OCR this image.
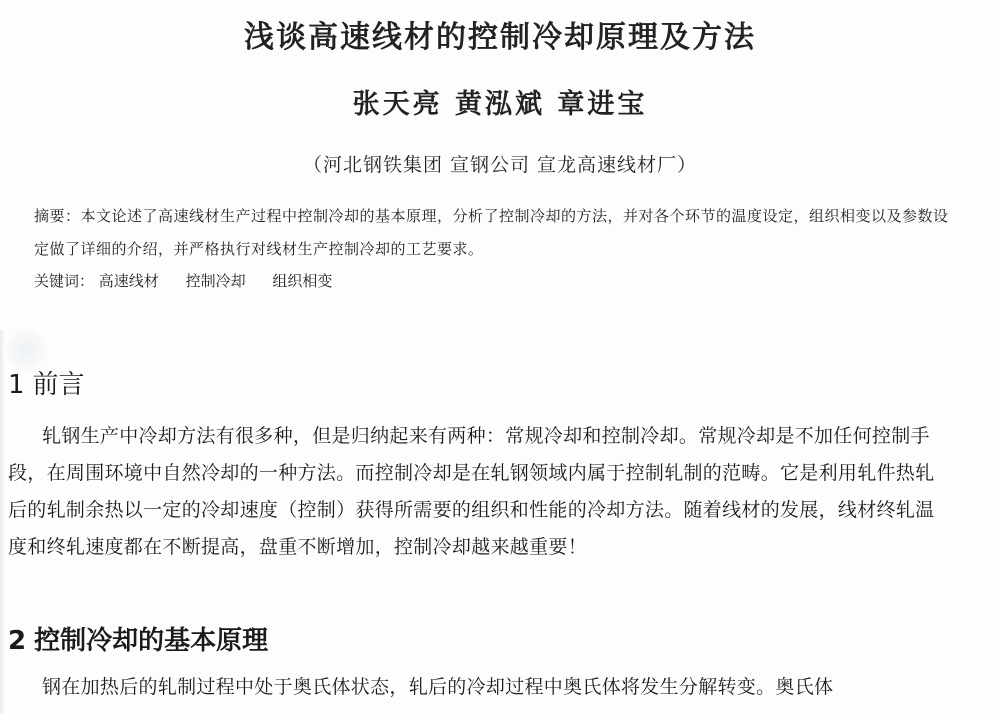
浅谈高速线材的控制冷却原理及方法
张天亮 黄泓斌 章进宝
（河北钢铁集团 宣钢公司 宣龙高速线材厂）
摘要：本文论述了高速线材生产过程中控制冷却的基本原理，分析了控制冷却的方法，并对各个环节的温度设定，组织相变以及参数设定做了详细的介绍，并严格执行对线材生产控制冷却的工艺要求。
关键词： 高速线材 控制冷却 组织相变
1 前言
轧钢生产中冷却方法有很多种，但是归纳起来有两种：常规冷却和控制冷却。常规冷却是不加任何控制手段，在周围环境中自然冷却的一种方法。而控制冷却是在轧钢领域内属于控制轧制的范畴。它是利用轧件热轧后的轧制余热以一定的冷却速度（控制）获得所需要的组织和性能的冷却方法。随着线材的发展，线材终轧温度和终轧速度都在不断提高，盘重不断增加，控制冷却越来越重要！
2 控制冷却的基本原理
钢在加热后的轧制过程中处于奥氏体状态，轧后的冷却过程中奥氏体将发生分解转变。奥氏体
